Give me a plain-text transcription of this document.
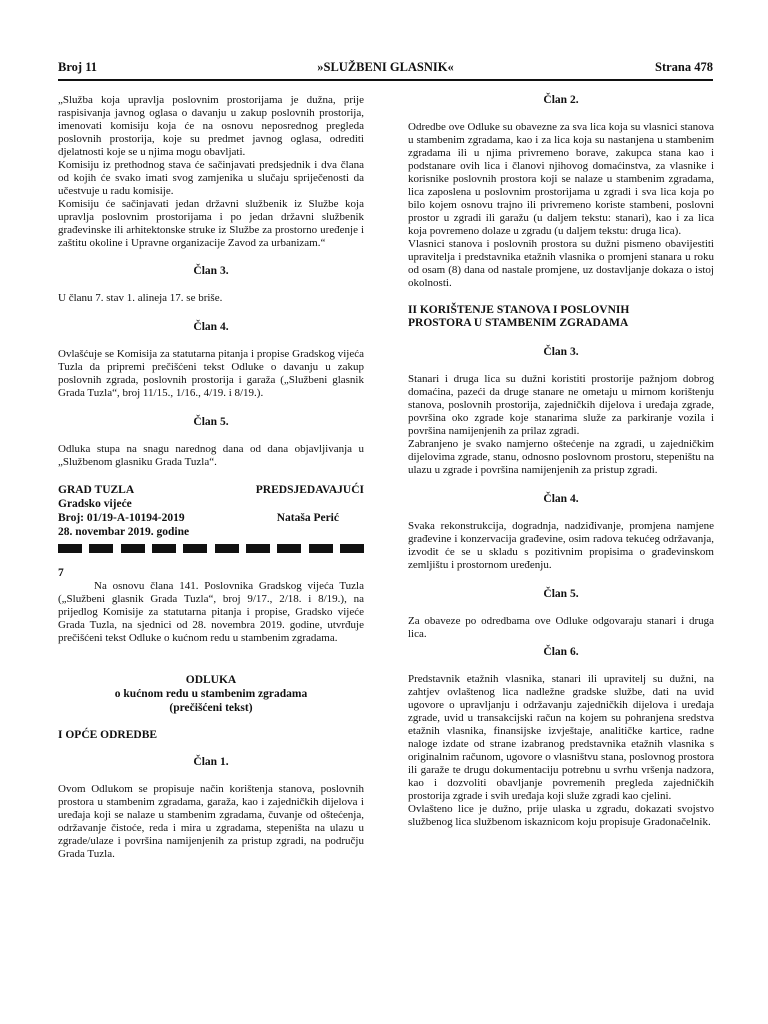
Broj 11	»SLUŽBENI GLASNIK«	Strana 478

„Služba koja upravlja poslovnim prostorijama je dužna, prije raspisivanja javnog oglasa o davanju u zakup poslovnih prostorija, imenovati komisiju koja će na osnovu neposrednog pregleda poslovnih prostorija, koje su predmet javnog oglasa, odrediti djelatnosti koje se u njima mogu obavljati.

Komisiju iz prethodnog stava će sačinjavati predsjednik i dva člana od kojih će svako imati svog zamjenika u slučaju spriječenosti da učestvuje u radu komisije.

Komisiju će sačinjavati jedan državni službenik iz Službe koja upravlja poslovnim prostorijama i po jedan državni službenik građevinske ili arhitektonske struke iz Službe za prostorno uređenje i zaštitu okoline i Upravne organizacije Zavod za urbanizam.“

Član 3.

U članu 7. stav 1. alineja 17. se briše.

Član 4.

Ovlašćuje se Komisija za statutarna pitanja i propise Gradskog vijeća Tuzla da pripremi prečišćeni tekst Odluke o davanju u zakup poslovnih zgrada, poslovnih prostorija i garaža („Službeni glasnik Grada Tuzla“, broj 11/15., 1/16., 4/19. i 8/19.).

Član 5.

Odluka stupa na snagu narednog dana od dana objavljivanja u „Službenom glasniku Grada Tuzla“.

GRAD TUZLA	PREDSJEDAVAJUĆI
Gradsko vijeće
Broj: 01/19-A-10194-2019	Nataša Perić
28. novembar 2019. godine

7

Na osnovu člana 141. Poslovnika Gradskog vijeća Tuzla („Službeni glasnik Grada Tuzla“, broj 9/17., 2/18. i 8/19.), na prijedlog Komisije za statutarna pitanja i propise, Gradsko vijeće Grada Tuzla, na sjednici od 28. novembra 2019. godine, utvrđuje prečišćeni tekst Odluke o kućnom redu u stambenim zgradama.

ODLUKA

o kućnom redu u stambenim zgradama

(prečišćeni tekst)

I OPĆE ODREDBE

Član 1.

Ovom Odlukom se propisuje način korištenja stanova, poslovnih prostora u stambenim zgradama, garaža, kao i zajedničkih dijelova i uređaja koji se nalaze u stambenim zgradama, čuvanje od oštećenja, održavanje čistoće, reda i mira u zgradama, stepeništa na ulazu u zgrade/ulaze i površina namijenjenih za pristup zgradi, na području Grada Tuzla.

Član 2.

Odredbe ove Odluke su obavezne za sva lica koja su vlasnici stanova u stambenim zgradama, kao i za lica koja su nastanjena u stambenim zgradama ili u njima privremeno borave, zakupca stana kao i podstanare ovih lica i članovi njihovog domaćinstva, za vlasnike i korisnike poslovnih prostora koji se nalaze u stambenim zgradama, lica zaposlena u poslovnim prostorijama u zgradi i sva lica koja po bilo kojem osnovu trajno ili privremeno koriste stambeni, poslovni prostor u zgradi ili garažu (u daljem tekstu: stanari), kao i za lica koja povremeno dolaze u zgradu (u daljem tekstu: druga lica).

Vlasnici stanova i poslovnih prostora su dužni pismeno obavijestiti upravitelja i predstavnika etažnih vlasnika o promjeni stanara u roku od osam (8) dana od nastale promjene, uz dostavljanje dokaza o istoj okolnosti.

II KORIŠTENJE STANOVA I POSLOVNIH

PROSTORA U STAMBENIM ZGRADAMA

Član 3.

Stanari i druga lica su dužni koristiti prostorije pažnjom dobrog domaćina, pazeći da druge stanare ne ometaju u mirnom korištenju stanova, poslovnih prostorija, zajedničkih dijelova i uređaja zgrade, površina oko zgrade koje stanarima služe za parkiranje vozila i površina namijenjenih za prilaz zgradi.

Zabranjeno je svako namjerno oštećenje na zgradi, u zajedničkim dijelovima zgrade, stanu, odnosno poslovnom prostoru, stepeništu na ulazu u zgrade i površina namijenjenih za pristup zgradi.

Član 4.

Svaka rekonstrukcija, dogradnja, nadziđivanje, promjena namjene građevine i konzervacija građevine, osim radova tekućeg održavanja, izvodit će se u skladu s pozitivnim propisima o građevinskom zemljištu i prostornom uređenju.

Član 5.

Za obaveze po odredbama ove Odluke odgovaraju stanari i druga lica.

Član 6.

Predstavnik etažnih vlasnika, stanari ili upravitelj su dužni, na zahtjev ovlaštenog lica nadležne gradske službe, dati na uvid ugovore o upravljanju i održavanju zajedničkih dijelova i uređaja zgrade, uvid u transakcijski račun na kojem su pohranjena sredstva etažnih vlasnika, finansijske izvještaje, analitičke kartice, radne naloge izdate od strane izabranog predstavnika etažnih vlasnika s originalnim računom, ugovore o vlasništvu stana, poslovnog prostora ili garaže te drugu dokumentaciju potrebnu u svrhu vršenja nadzora, kao i dozvoliti obavljanje povremenih pregleda zajedničkih prostorija zgrade i svih uređaja koji služe zgradi kao cjelini.

Ovlašteno lice je dužno, prije ulaska u zgradu, dokazati svojstvo službenog lica službenom iskaznicom koju propisuje Gradonačelnik.
